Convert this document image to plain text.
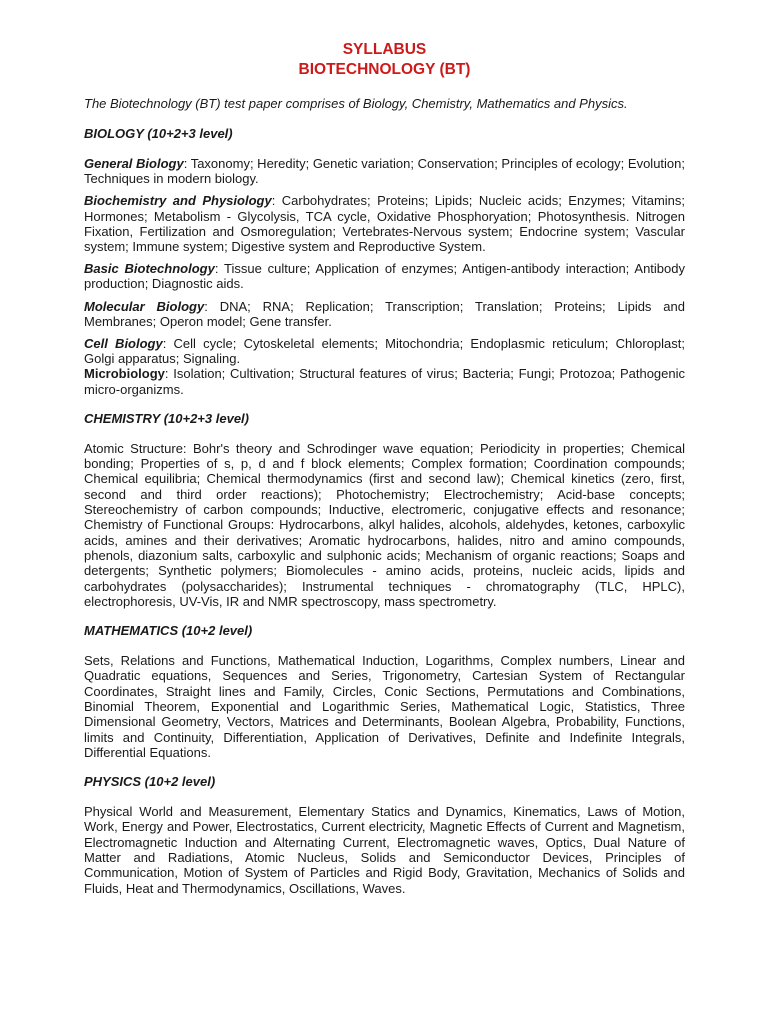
SYLLABUS
BIOTECHNOLOGY (BT)

The Biotechnology (BT) test paper comprises of Biology, Chemistry, Mathematics and Physics.

BIOLOGY (10+2+3 level)

General Biology: Taxonomy; Heredity; Genetic variation; Conservation; Principles of ecology; Evolution; Techniques in modern biology.

Biochemistry and Physiology: Carbohydrates; Proteins; Lipids; Nucleic acids; Enzymes; Vitamins; Hormones; Metabolism - Glycolysis, TCA cycle, Oxidative Phosphoryation; Photosynthesis. Nitrogen Fixation, Fertilization and Osmoregulation; Vertebrates-Nervous system; Endocrine system; Vascular system; Immune system; Digestive system and Reproductive System.

Basic Biotechnology: Tissue culture; Application of enzymes; Antigen-antibody interaction; Antibody production; Diagnostic aids.

Molecular Biology: DNA; RNA; Replication; Transcription; Translation; Proteins; Lipids and Membranes; Operon model; Gene transfer.

Cell Biology: Cell cycle; Cytoskeletal elements; Mitochondria; Endoplasmic reticulum; Chloroplast; Golgi apparatus; Signaling.

Microbiology: Isolation; Cultivation; Structural features of virus; Bacteria; Fungi; Protozoa; Pathogenic micro-organizms.

CHEMISTRY (10+2+3 level)

Atomic Structure: Bohr's theory and Schrodinger wave equation; Periodicity in properties; Chemical bonding; Properties of s, p, d and f block elements; Complex formation; Coordination compounds; Chemical equilibria; Chemical thermodynamics (first and second law); Chemical kinetics (zero, first, second and third order reactions); Photochemistry; Electrochemistry; Acid-base concepts; Stereochemistry of carbon compounds; Inductive, electromeric, conjugative effects and resonance; Chemistry of Functional Groups: Hydrocarbons, alkyl halides, alcohols, aldehydes, ketones, carboxylic acids, amines and their derivatives; Aromatic hydrocarbons, halides, nitro and amino compounds, phenols, diazonium salts, carboxylic and sulphonic acids; Mechanism of organic reactions; Soaps and detergents; Synthetic polymers; Biomolecules - amino acids, proteins, nucleic acids, lipids and carbohydrates (polysaccharides); Instrumental techniques - chromatography (TLC, HPLC), electrophoresis, UV-Vis, IR and NMR spectroscopy, mass spectrometry.

MATHEMATICS (10+2 level)

Sets, Relations and Functions, Mathematical Induction, Logarithms, Complex numbers, Linear and Quadratic equations, Sequences and Series, Trigonometry, Cartesian System of Rectangular Coordinates, Straight lines and Family, Circles, Conic Sections, Permutations and Combinations, Binomial Theorem, Exponential and Logarithmic Series, Mathematical Logic, Statistics, Three Dimensional Geometry, Vectors, Matrices and Determinants, Boolean Algebra, Probability, Functions, limits and Continuity, Differentiation, Application of Derivatives, Definite and Indefinite Integrals, Differential Equations.

PHYSICS (10+2 level)

Physical World and Measurement, Elementary Statics and Dynamics, Kinematics, Laws of Motion, Work, Energy and Power, Electrostatics, Current electricity, Magnetic Effects of Current and Magnetism, Electromagnetic Induction and Alternating Current, Electromagnetic waves, Optics, Dual Nature of Matter and Radiations, Atomic Nucleus, Solids and Semiconductor Devices, Principles of Communication, Motion of System of Particles and Rigid Body, Gravitation, Mechanics of Solids and Fluids, Heat and Thermodynamics, Oscillations, Waves.
